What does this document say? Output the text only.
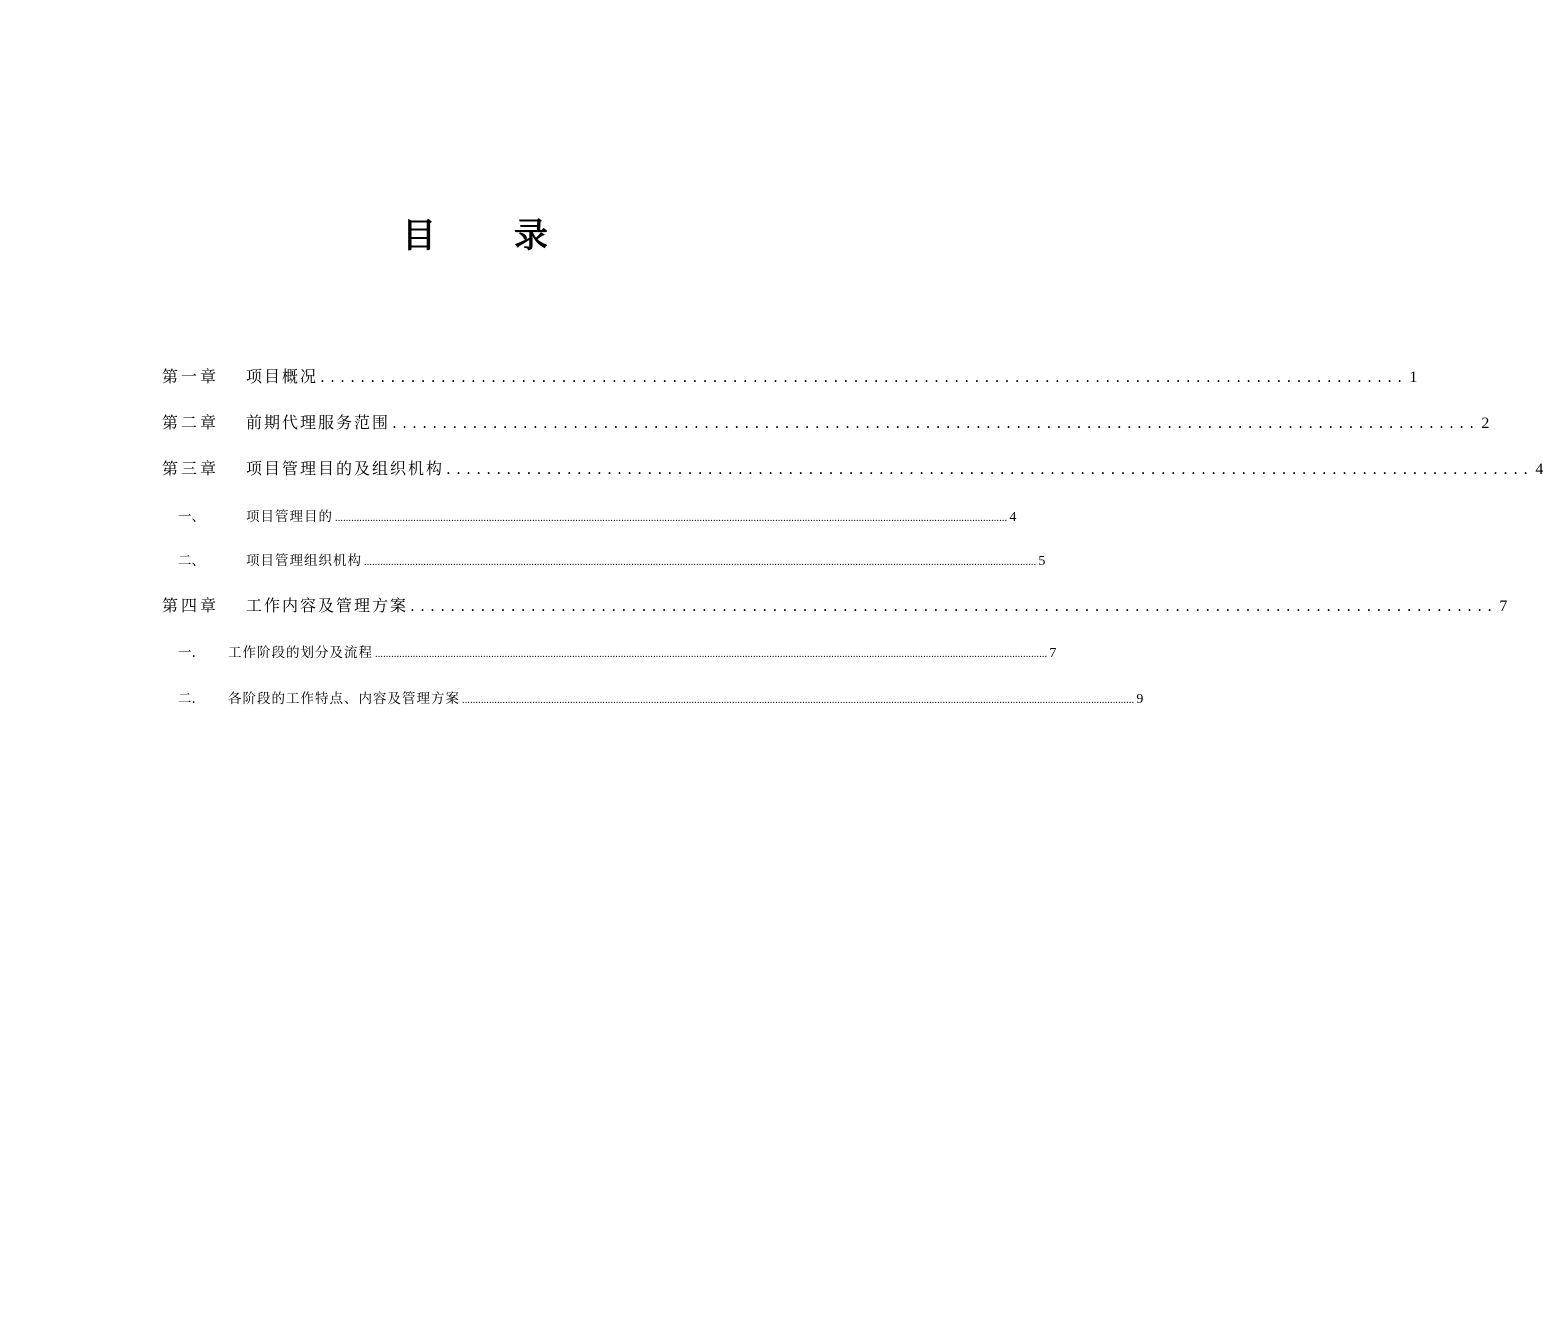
目 录
第一章	项目概况 ............................................................................................................ 1
第二章	前期代理服务范围 ............................................................................................................ 2
第三章	项目管理目的及组织机构 ............................................................................................................ 4
一、	项目管理目的 ......................................................................................................................................................................................................................................................... 4
二、	项目管理组织机构 ......................................................................................................................................................................................................................................................... 5
第四章	工作内容及管理方案 ............................................................................................................ 7
一.	工作阶段的划分及流程 ......................................................................................................................................................................................................................................................... 7
二.	各阶段的工作特点、内容及管理方案 ......................................................................................................................................................................................................................................................... 9
